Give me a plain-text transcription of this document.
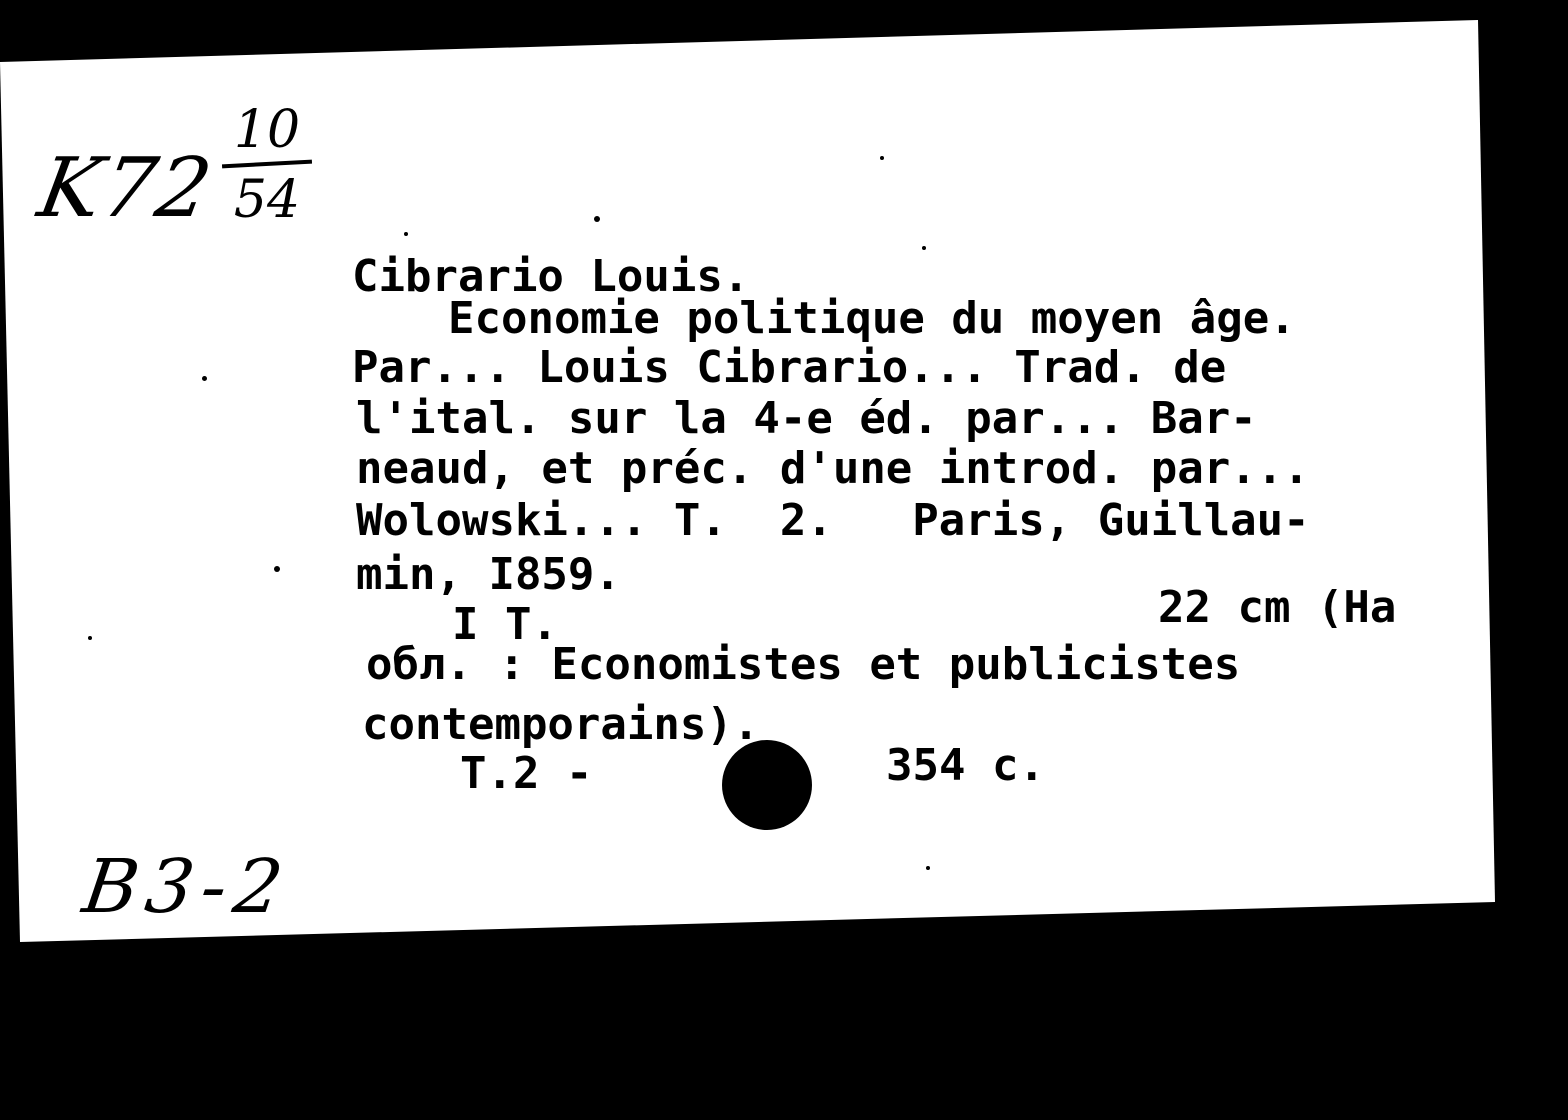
K72
10
54
Cibrario Louis.
Economie politique du moyen âge.
Par... Louis Cibrario... Trad. de
l'ital. sur la 4-e éd. par... Bar-
neaud, et préc. d'une introd. par...
Wolowski... T.  2.   Paris, Guillau-
min, I859.
I T.	22 cm (Ha
обл. : Economistes et publicistes
contemporains).
T.2 -	354 с.
B3-2
